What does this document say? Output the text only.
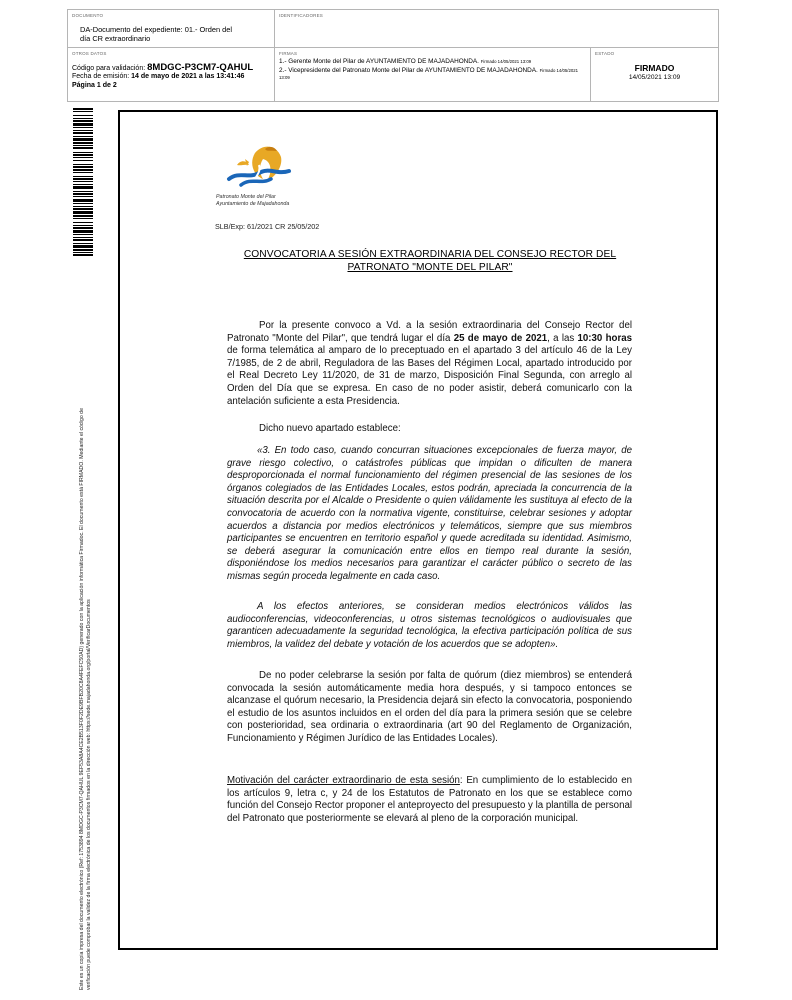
DOCUMENTO
DA-Documento del expediente: 01.- Orden del
día CR extraordinario
IDENTIFICADORES
OTROS DATOS
Código para validación: 8MDGC-P3CM7-QAHUL
Fecha de emisión: 14 de mayo de 2021 a las 13:41:46
Página 1 de 2
FIRMAS
1.- Gerente Monte del Pilar de AYUNTAMIENTO DE MAJADAHONDA. Firmado 14/05/2021 13:09
2.- Vicepresidente del Patronato Monte del Pilar de AYUNTAMIENTO DE MAJADAHONDA. Firmado 14/05/2021 13:09
ESTADO
FIRMADO
14/05/2021 13:09
Este es un copia impresa del documento electrónico (Ref: 1753894 8MDGC-P3CM7-QAHUL 9EF53A8A4CE2B513F0F2DE9BFB20C8A4FEFC50AD) generado con la aplicación informática Firmadoc. El documento está FIRMADO. Mediante el código de verificación puede comprobar la validez de la firma electrónica de los documentos firmados en la dirección web: https://sede.majadahonda.org/portal/VerificarDocumentos
Patronato Monte del Pilar
Ayuntamiento de Majadahonda
SLB/Exp: 61/2021 CR 25/05/202
CONVOCATORIA A SESIÓN EXTRAORDINARIA DEL CONSEJO RECTOR DEL
PATRONATO "MONTE DEL PILAR"
Por la presente convoco a Vd. a la sesión extraordinaria del Consejo Rector del Patronato "Monte del Pilar", que tendrá lugar el día 25 de mayo de 2021, a las 10:30 horas de forma telemática al amparo de lo preceptuado en el apartado 3 del artículo 46 de la Ley 7/1985, de 2 de abril, Reguladora de las Bases del Régimen Local, apartado introducido por el Real Decreto Ley 11/2020, de 31 de marzo, Disposición Final Segunda, con arreglo al Orden del Día que se expresa. En caso de no poder asistir, deberá comunicarlo con la antelación suficiente a esta Presidencia.
Dicho nuevo apartado establece:
«3. En todo caso, cuando concurran situaciones excepcionales de fuerza mayor, de grave riesgo colectivo, o catástrofes públicas que impidan o dificulten de manera desproporcionada el normal funcionamiento del régimen presencial de las sesiones de los órganos colegiados de las Entidades Locales, estos podrán, apreciada la concurrencia de la situación descrita por el Alcalde o Presidente o quien válidamente les sustituya al efecto de la convocatoria de acuerdo con la normativa vigente, constituirse, celebrar sesiones y adoptar acuerdos a distancia por medios electrónicos y telemáticos, siempre que sus miembros participantes se encuentren en territorio español y quede acreditada su identidad. Asimismo, se deberá asegurar la comunicación entre ellos en tiempo real durante la sesión, disponiéndose los medios necesarios para garantizar el carácter público o secreto de las mismas según proceda legalmente en cada caso.
A los efectos anteriores, se consideran medios electrónicos válidos las audioconferencias, videoconferencias, u otros sistemas tecnológicos o audiovisuales que garanticen adecuadamente la seguridad tecnológica, la efectiva participación política de sus miembros, la validez del debate y votación de los acuerdos que se adopten».
De no poder celebrarse la sesión por falta de quórum (diez miembros) se entenderá convocada la sesión automáticamente media hora después, y si tampoco entonces se alcanzase el quórum necesario, la Presidencia dejará sin efecto la convocatoria, posponiendo el estudio de los asuntos incluidos en el orden del día para la primera sesión que se celebre con posterioridad, sea ordinaria o extraordinaria (art 90 del Reglamento de Organización, Funcionamiento y Régimen Jurídico de las Entidades Locales).
Motivación del carácter extraordinario de esta sesión: En cumplimiento de lo establecido en los artículos 9, letra c, y 24 de los Estatutos de Patronato en los que se establece como función del Consejo Rector proponer el anteproyecto del presupuesto y la plantilla de personal del Patronato que posteriormente se elevará al pleno de la corporación municipal.
